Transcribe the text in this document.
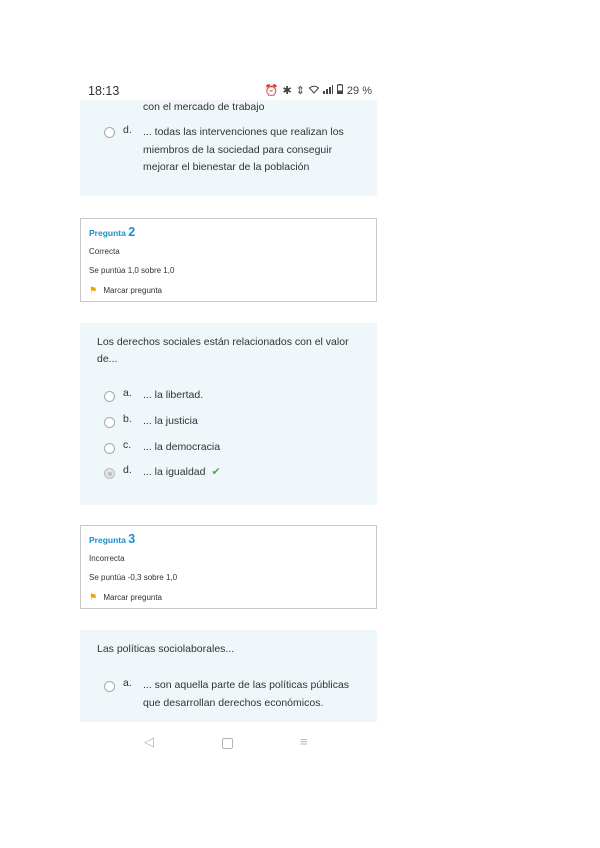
18:13	⏰ ✱ ⇕	29 %
con el mercado de trabajo
d. ... todas las intervenciones que realizan los miembros de la sociedad para conseguir mejorar el bienestar de la población
Pregunta 2
Correcta
Se puntúa 1,0 sobre 1,0
⚑ Marcar pregunta
Los derechos sociales están relacionados con el valor de...
a. ... la libertad.
b. ... la justicia
c. ... la democracia
d. ... la igualdad ✔
Pregunta 3
Incorrecta
Se puntúa -0,3 sobre 1,0
⚑ Marcar pregunta
Las políticas sociolaborales...
a. ... son aquella parte de las políticas públicas que desarrollan derechos económicos.
◁	≡
